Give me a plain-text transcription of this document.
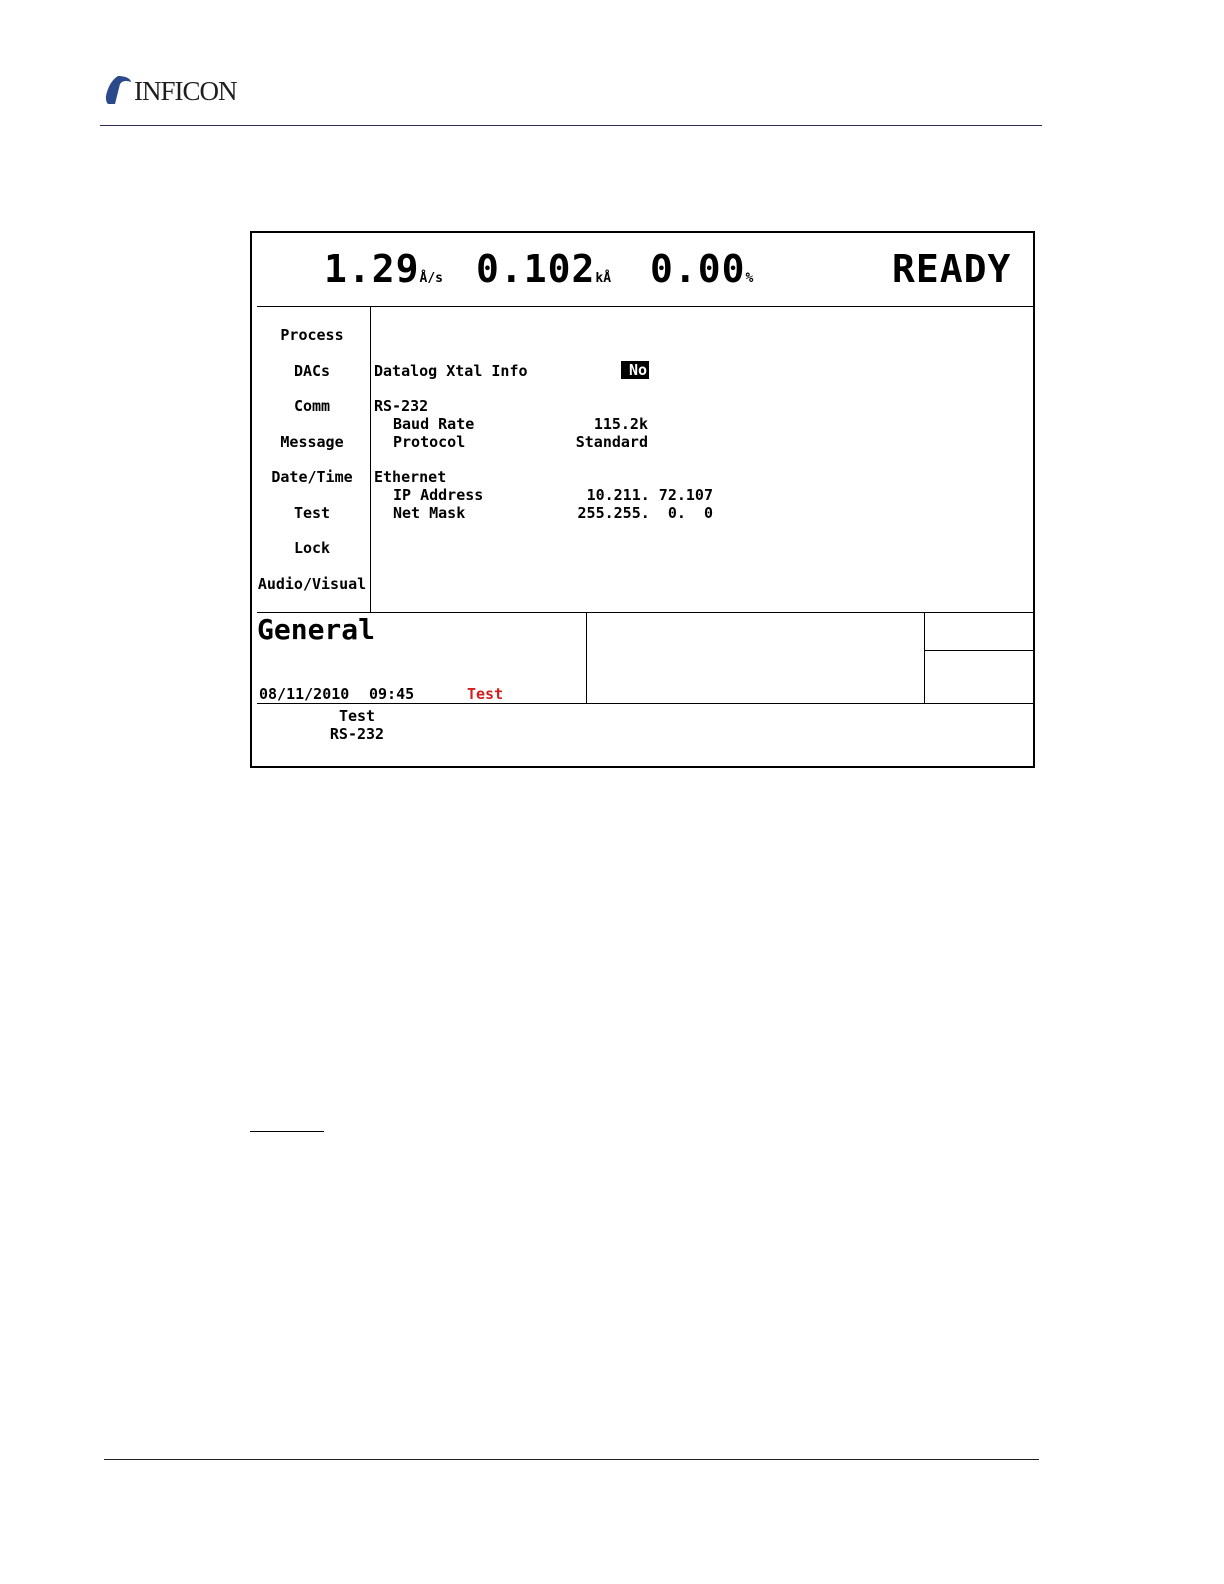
INFICON
1.29Å/s 0.102kÅ 0.00%	READY
Process
DACs
Comm
Message
Date/Time
Test
Lock
Audio/Visual
Datalog Xtal Info	No
RS-232
Baud Rate	115.2k
Protocol	Standard
Ethernet
IP Address	10.211. 72.107
Net Mask	255.255.  0.  0
General
08/11/2010 09:45	Test
Test
RS-232
